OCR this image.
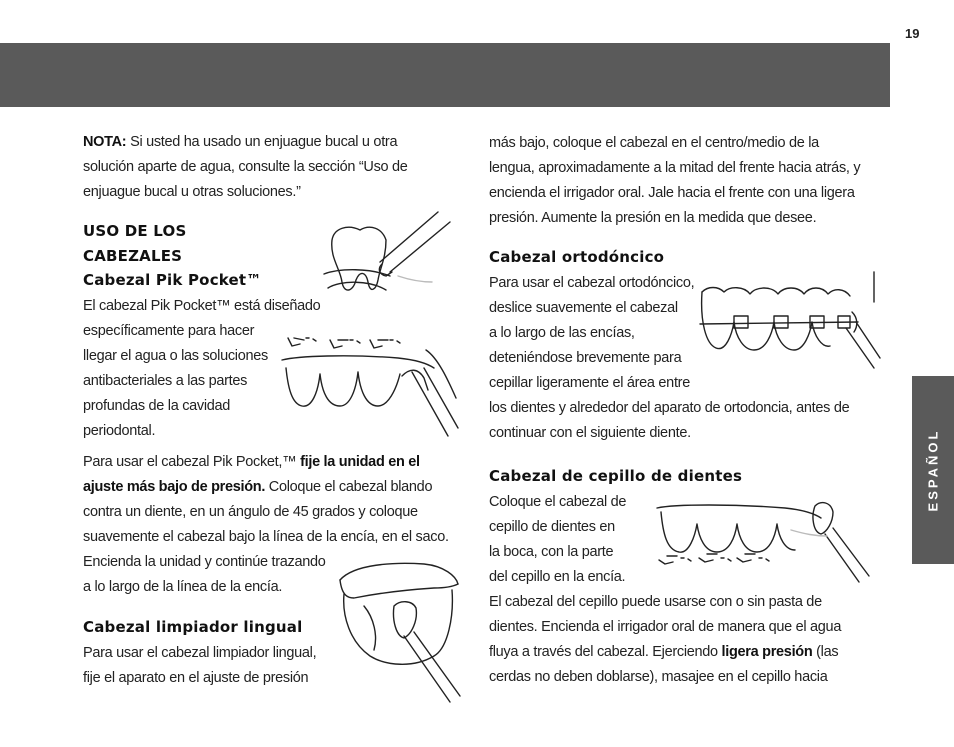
19
ESPAÑOL
NOTA: Si usted ha usado un enjuague bucal u otra
solución aparte de agua, consulte la sección “Uso de
enjuague bucal u otras soluciones.”
USO DE LOS
CABEZALES
Cabezal Pik Pocket™
El cabezal Pik Pocket™ está diseñado
específicamente para hacer
llegar el agua o las soluciones
antibacteriales a las partes
profundas de la cavidad
periodontal.
Para usar el cabezal Pik Pocket,™ fije la unidad en el
ajuste más bajo de presión. Coloque el cabezal blando
contra un diente, en un ángulo de 45 grados y coloque
suavemente el cabezal bajo la línea de la encía, en el saco.
Encienda la unidad y continúe trazando
a lo largo de la línea de la encía.
Cabezal limpiador lingual
Para usar el cabezal limpiador lingual,
fije el aparato en el ajuste de presión
más bajo, coloque el cabezal en el centro/medio de la
lengua, aproximadamente a la mitad del frente hacia atrás, y
encienda el irrigador oral. Jale hacia el frente con una ligera
presión. Aumente la presión en la medida que desee.
Cabezal ortodóncico
Para usar el cabezal ortodóncico,
deslice suavemente el cabezal
a lo largo de las encías,
deteniéndose brevemente para
cepillar ligeramente el área entre
los dientes y alrededor del aparato de ortodoncia, antes de
continuar con el siguiente diente.
Cabezal de cepillo de dientes
Coloque el cabezal de
cepillo de dientes en
la boca, con la parte
del cepillo en la encía.
El cabezal del cepillo puede usarse con o sin pasta de
dientes. Encienda el irrigador oral de manera que el agua
fluya a través del cabezal. Ejerciendo ligera presión (las
cerdas no deben doblarse), masajee en el cepillo hacia
